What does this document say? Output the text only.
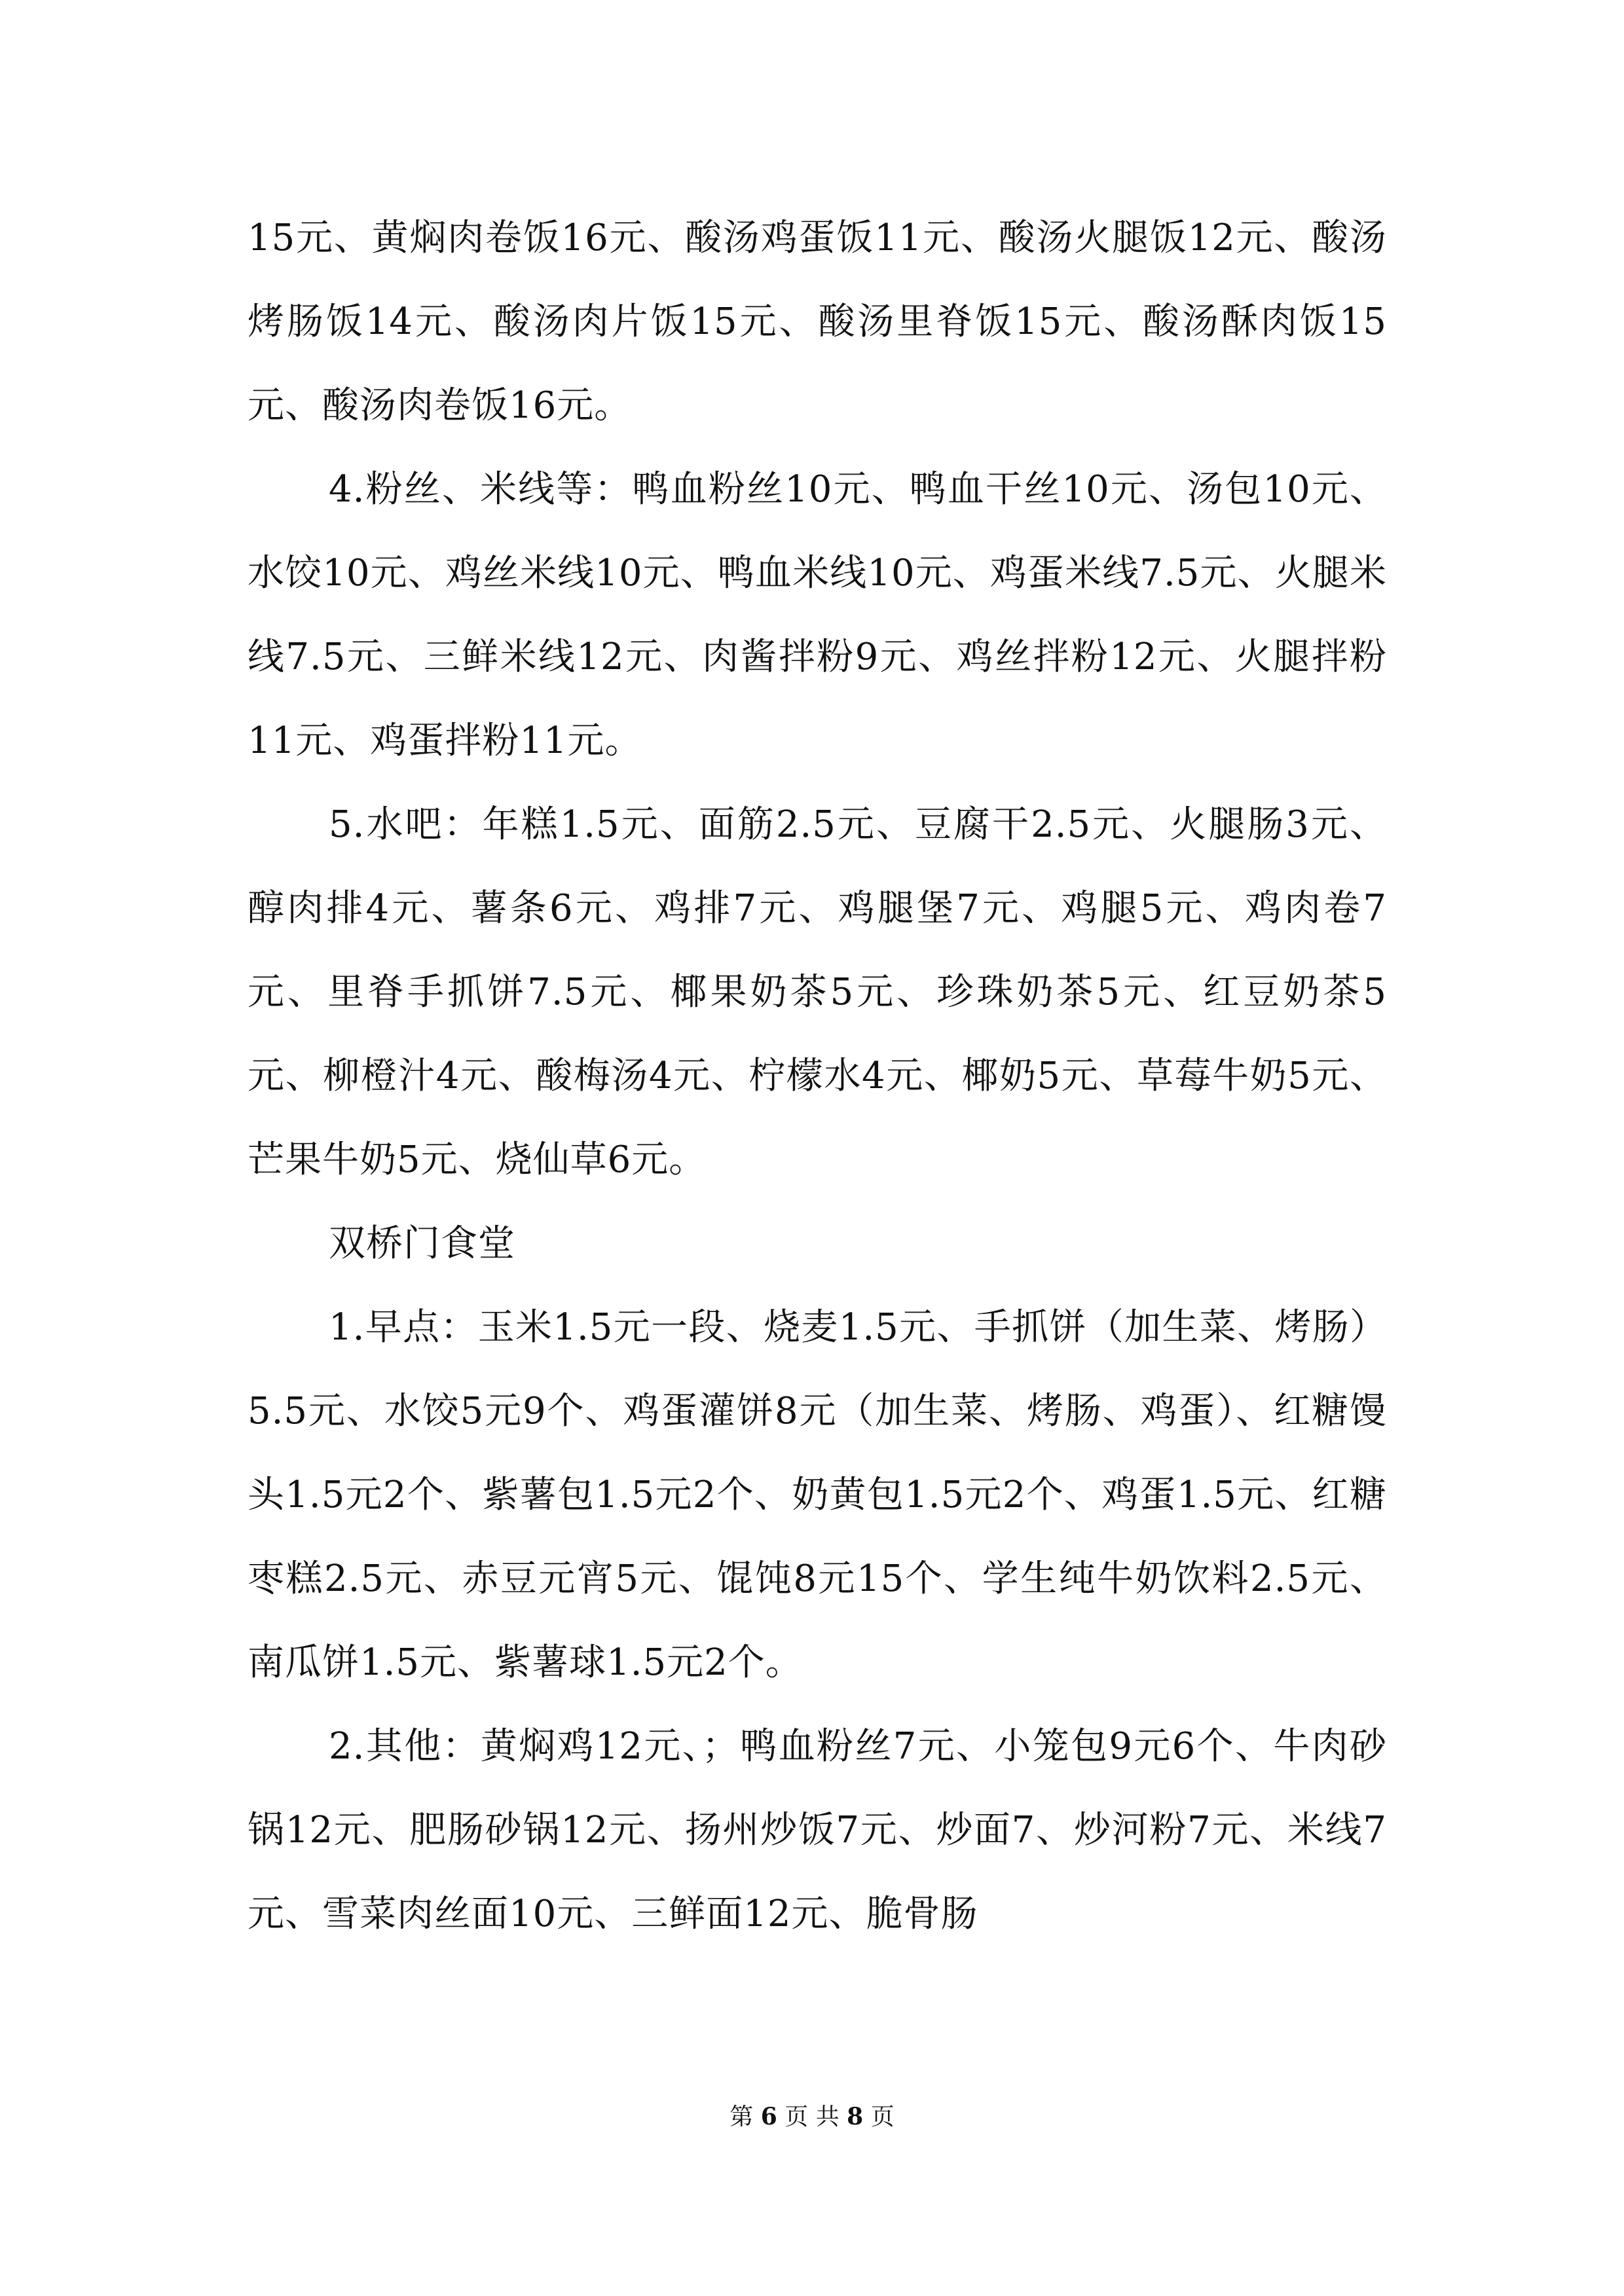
15元、黄焖肉卷饭16元、酸汤鸡蛋饭11元、酸汤火腿饭12元、酸汤烤肠饭14元、酸汤肉片饭15元、酸汤里脊饭15元、酸汤酥肉饭15元、酸汤肉卷饭16元。

4.粉丝、米线等：鸭血粉丝10元、鸭血干丝10元、汤包10元、水饺10元、鸡丝米线10元、鸭血米线10元、鸡蛋米线7.5元、火腿米线7.5元、三鲜米线12元、肉酱拌粉9元、鸡丝拌粉12元、火腿拌粉11元、鸡蛋拌粉11元。

5.水吧：年糕1.5元、面筋2.5元、豆腐干2.5元、火腿肠3元、醇肉排4元、薯条6元、鸡排7元、鸡腿堡7元、鸡腿5元、鸡肉卷7元、里脊手抓饼7.5元、椰果奶茶5元、珍珠奶茶5元、红豆奶茶5元、柳橙汁4元、酸梅汤4元、柠檬水4元、椰奶5元、草莓牛奶5元、芒果牛奶5元、烧仙草6元。

双桥门食堂

1.早点：玉米1.5元一段、烧麦1.5元、手抓饼（加生菜、烤肠）5.5元、水饺5元9个、鸡蛋灌饼8元（加生菜、烤肠、鸡蛋）、红糖馒头1.5元2个、紫薯包1.5元2个、奶黄包1.5元2个、鸡蛋1.5元、红糖枣糕2.5元、赤豆元宵5元、馄饨8元15个、学生纯牛奶饮料2.5元、南瓜饼1.5元、紫薯球1.5元2个。

2.其他：黄焖鸡12元、；鸭血粉丝7元、小笼包9元6个、牛肉砂锅12元、肥肠砂锅12元、扬州炒饭7元、炒面7、炒河粉7元、米线7元、雪菜肉丝面10元、三鲜面12元、脆骨肠

第 6 页 共 8 页
